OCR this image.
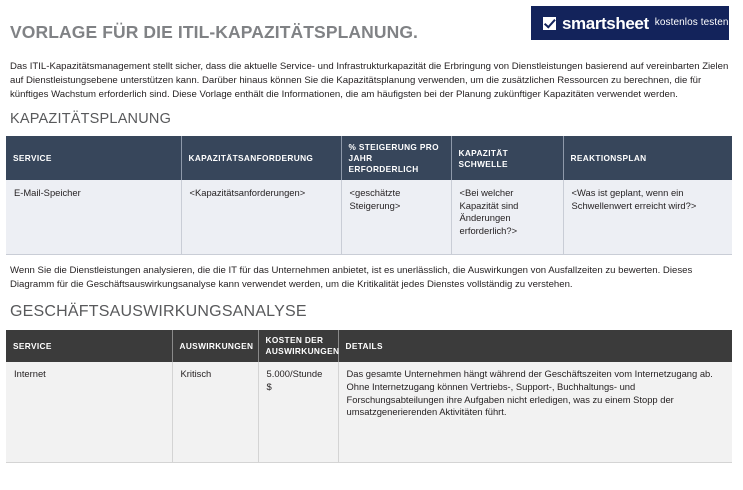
VORLAGE FÜR DIE ITIL-KAPAZITÄTSPLANUNG.	smartsheet kostenlos testen

Das ITIL-Kapazitätsmanagement stellt sicher, dass die aktuelle Service- und Infrastrukturkapazität die Erbringung von Dienstleistungen basierend auf vereinbarten Zielen auf Dienstleistungsebene unterstützen kann. Darüber hinaus können Sie die Kapazitätsplanung verwenden, um die zusätzlichen Ressourcen zu berechnen, die für künftiges Wachstum erforderlich sind. Diese Vorlage enthält die Informationen, die am häufigsten bei der Planung zukünftiger Kapazitäten verwendet werden.

KAPAZITÄTSPLANUNG
SERVICE	KAPAZITÄTSANFORDERUNG	% STEIGERUNG PRO JAHR ERFORDERLICH	KAPAZITÄT SCHWELLE	REAKTIONSPLAN
E-Mail-Speicher	<Kapazitätsanforderungen>	<geschätzte Steigerung>	<Bei welcher Kapazität sind Änderungen erforderlich?>	<Was ist geplant, wenn ein Schwellenwert erreicht wird?>

Wenn Sie die Dienstleistungen analysieren, die die IT für das Unternehmen anbietet, ist es unerlässlich, die Auswirkungen von Ausfallzeiten zu bewerten. Dieses Diagramm für die Geschäftsauswirkungsanalyse kann verwendet werden, um die Kritikalität jedes Dienstes vollständig zu verstehen.

GESCHÄFTSAUSWIRKUNGSANALYSE
SERVICE	AUSWIRKUNGEN	KOSTEN DER AUSWIRKUNGEN	DETAILS
Internet	Kritisch	5.000/Stunde $	Das gesamte Unternehmen hängt während der Geschäftszeiten vom Internetzugang ab. Ohne Internetzugang können Vertriebs-, Support-, Buchhaltungs- und Forschungsabteilungen ihre Aufgaben nicht erledigen, was zu einem Stopp der umsatzgenerierenden Aktivitäten führt.
